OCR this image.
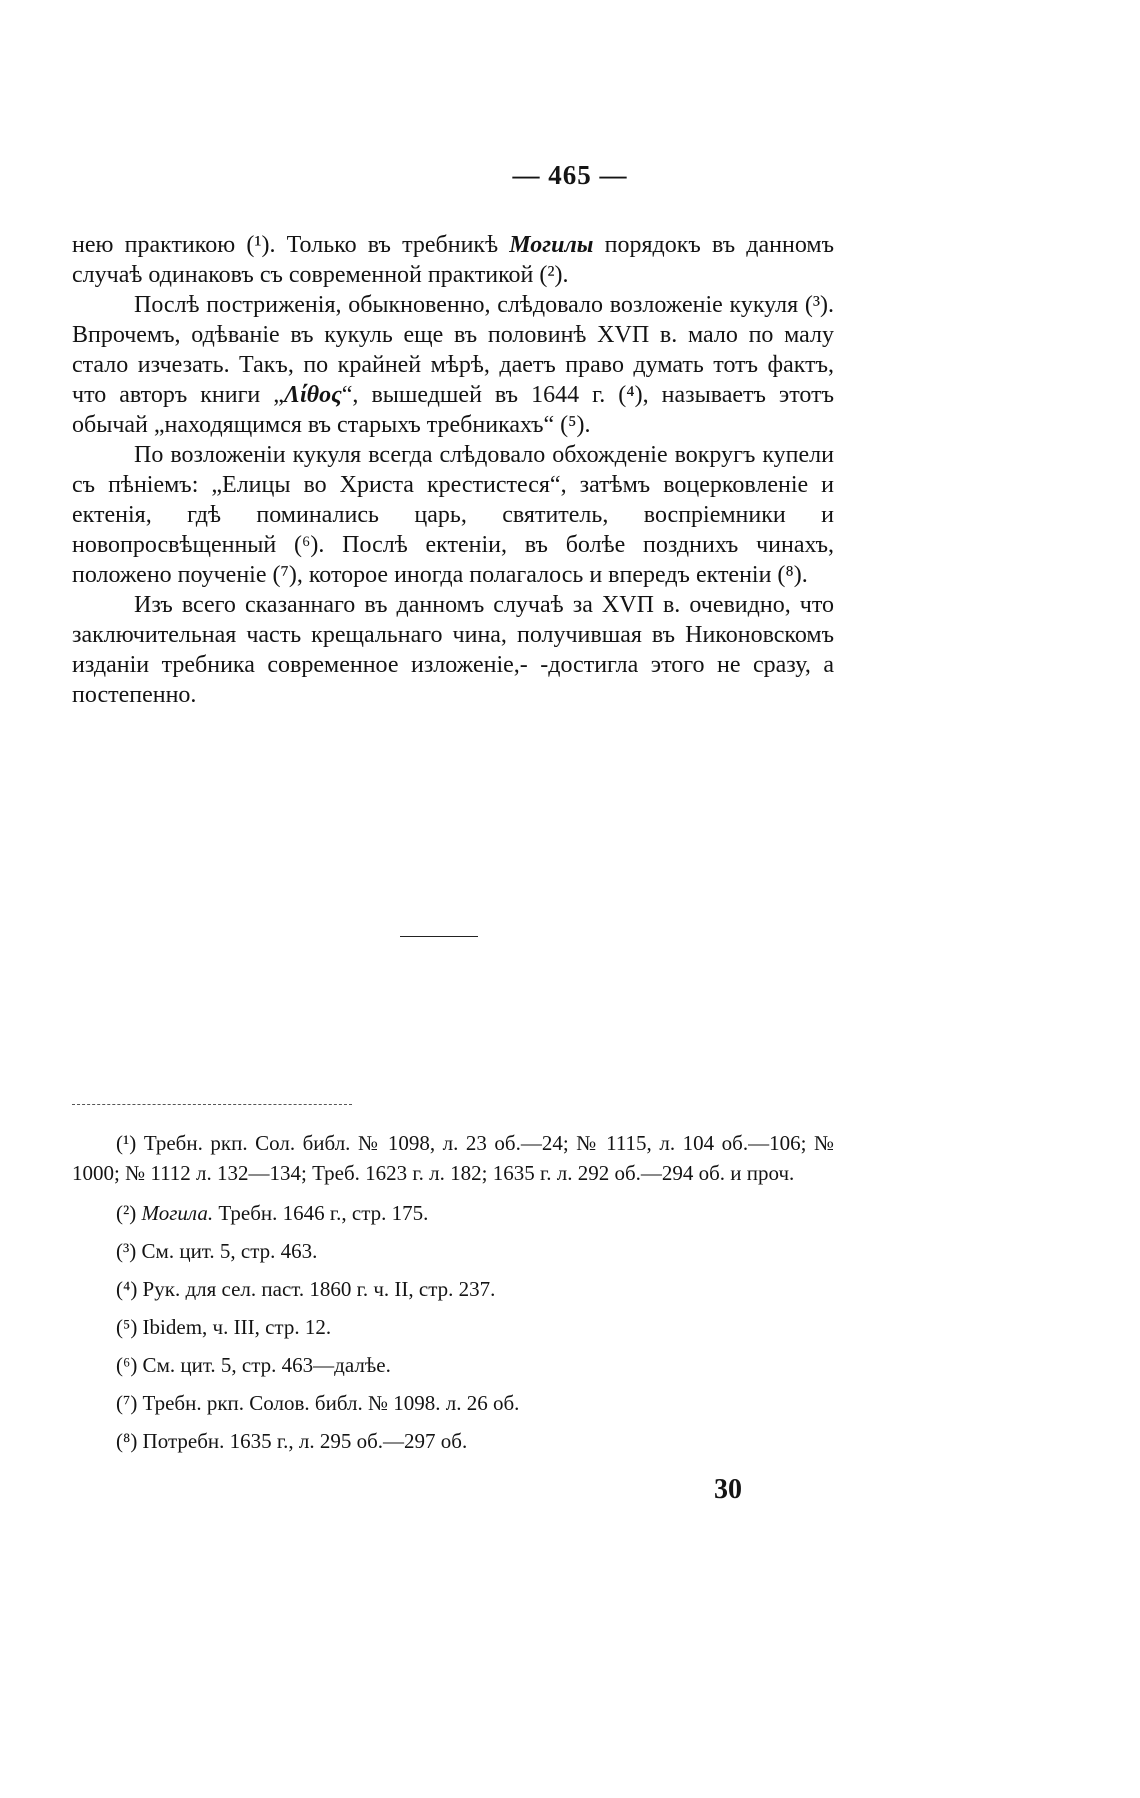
— 465 —

нею практикою (¹). Только въ требникѣ Могилы порядокъ въ данномъ случаѣ одинаковъ съ современной практикой (²).

Послѣ постриженія, обыкновенно, слѣдовало возложеніе кукуля (³). Впрочемъ, одѣваніе въ кукуль еще въ половинѣ XVП в. мало по малу стало изчезать. Такъ, по крайней мѣрѣ, даетъ право думать тотъ фактъ, что авторъ книги „Λίθος“, вышедшей въ 1644 г. (⁴), называетъ этотъ обычай „находящимся въ старыхъ требникахъ“ (⁵).

По возложеніи кукуля всегда слѣдовало обхожденіе вокругъ купели съ пѣніемъ: „Елицы во Христа крестистеся“, затѣмъ воцерковленіе и ектенія, гдѣ поминались царь, святитель, воспріемники и новопросвѣщенный (⁶). Послѣ ектеніи, въ болѣе позднихъ чинахъ, положено поученіе (⁷), которое иногда полагалось и впередъ ектеніи (⁸).

Изъ всего сказаннаго въ данномъ случаѣ за XVП в. очевидно, что заключительная часть крещальнаго чина, получившая въ Никоновскомъ изданіи требника современное изложеніе,- -достигла этого не сразу, а постепенно.

(¹) Требн. ркп. Сол. библ. № 1098, л. 23 об.—24; № 1115, л. 104 об.—106; № 1000; № 1112 л. 132—134; Треб. 1623 г. л. 182; 1635 г. л. 292 об.—294 об. и проч.

(²) Могила. Требн. 1646 г., стр. 175.

(³) См. цит. 5, стр. 463.

(⁴) Рук. для сел. паст. 1860 г. ч. II, стр. 237.

(⁵) Ibidem, ч. III, стр. 12.

(⁶) См. цит. 5, стр. 463—далѣе.

(⁷) Требн. ркп. Солов. библ. № 1098. л. 26 об.

(⁸) Потребн. 1635 г., л. 295 об.—297 об.

30
